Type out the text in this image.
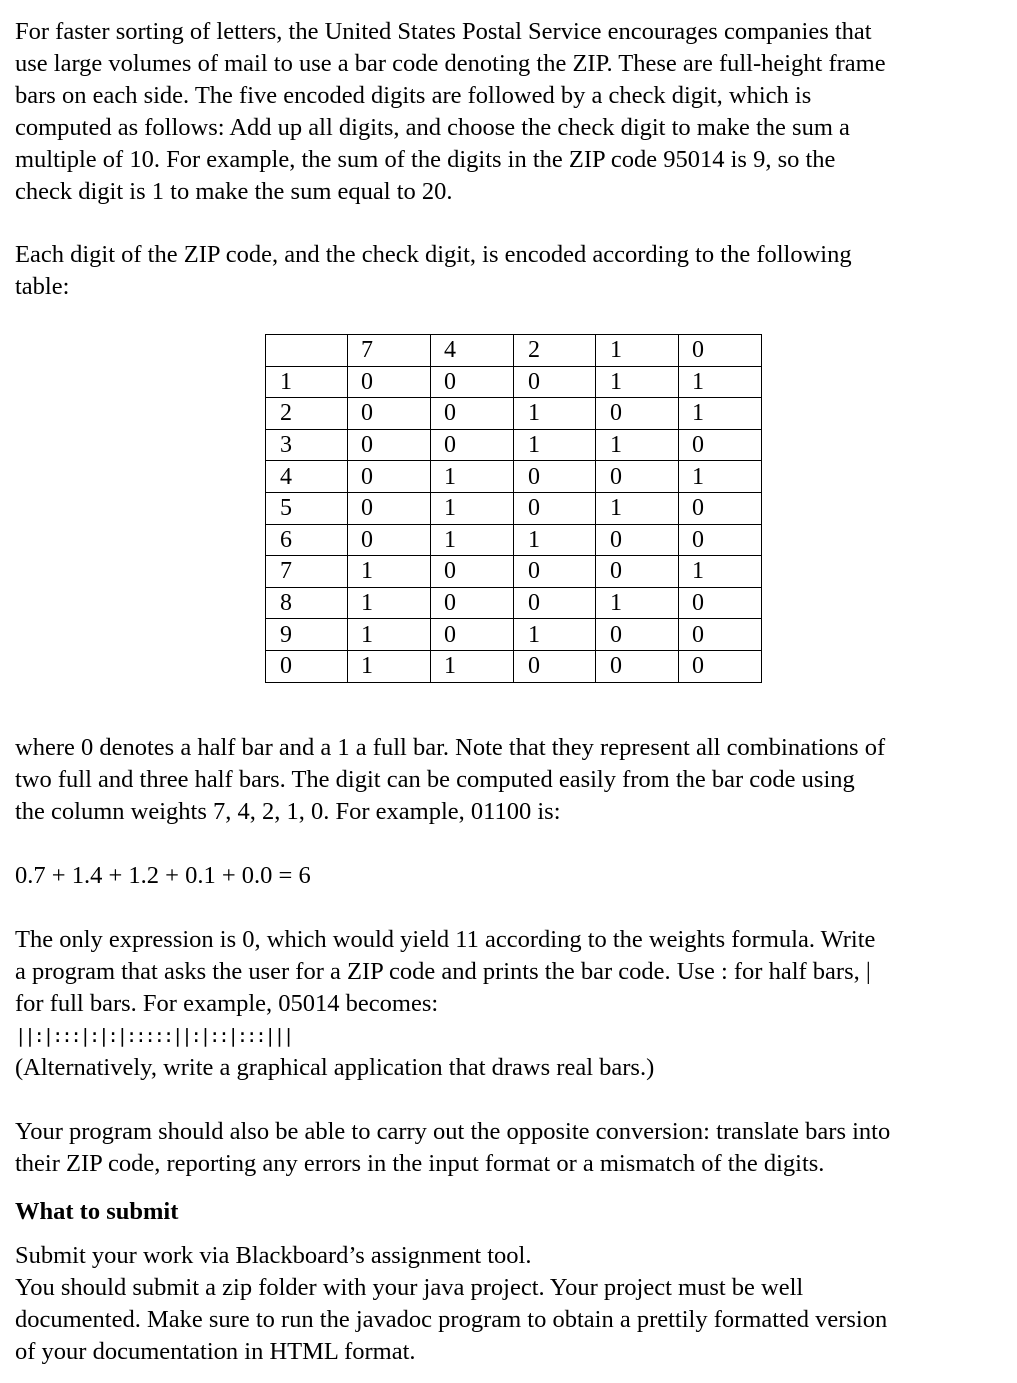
For faster sorting of letters, the United States Postal Service encourages companies that
use large volumes of mail to use a bar code denoting the ZIP. These are full-height frame
bars on each side. The five encoded digits are followed by a check digit, which is
computed as follows: Add up all digits, and choose the check digit to make the sum a
multiple of 10. For example, the sum of the digits in the ZIP code 95014 is 9, so the
check digit is 1 to make the sum equal to 20.

Each digit of the ZIP code, and the check digit, is encoded according to the following
table:

	7	4	2	1	0
1	0	0	0	1	1
2	0	0	1	0	1
3	0	0	1	1	0
4	0	1	0	0	1
5	0	1	0	1	0
6	0	1	1	0	0
7	1	0	0	0	1
8	1	0	0	1	0
9	1	0	1	0	0
0	1	1	0	0	0

where 0 denotes a half bar and a 1 a full bar. Note that they represent all combinations of
two full and three half bars. The digit can be computed easily from the bar code using
the column weights 7, 4, 2, 1, 0. For example, 01100 is:

0.7 + 1.4 + 1.2 + 0.1 + 0.0 = 6

The only expression is 0, which would yield 11 according to the weights formula. Write
a program that asks the user for a ZIP code and prints the bar code. Use : for half bars, |
for full bars. For example, 05014 becomes:
||:|:::|:|:|:::::||:|::|:::|||
(Alternatively, write a graphical application that draws real bars.)

Your program should also be able to carry out the opposite conversion: translate bars into
their ZIP code, reporting any errors in the input format or a mismatch of the digits.

What to submit

Submit your work via Blackboard’s assignment tool.
You should submit a zip folder with your java project. Your project must be well
documented. Make sure to run the javadoc program to obtain a prettily formatted version
of your documentation in HTML format.
